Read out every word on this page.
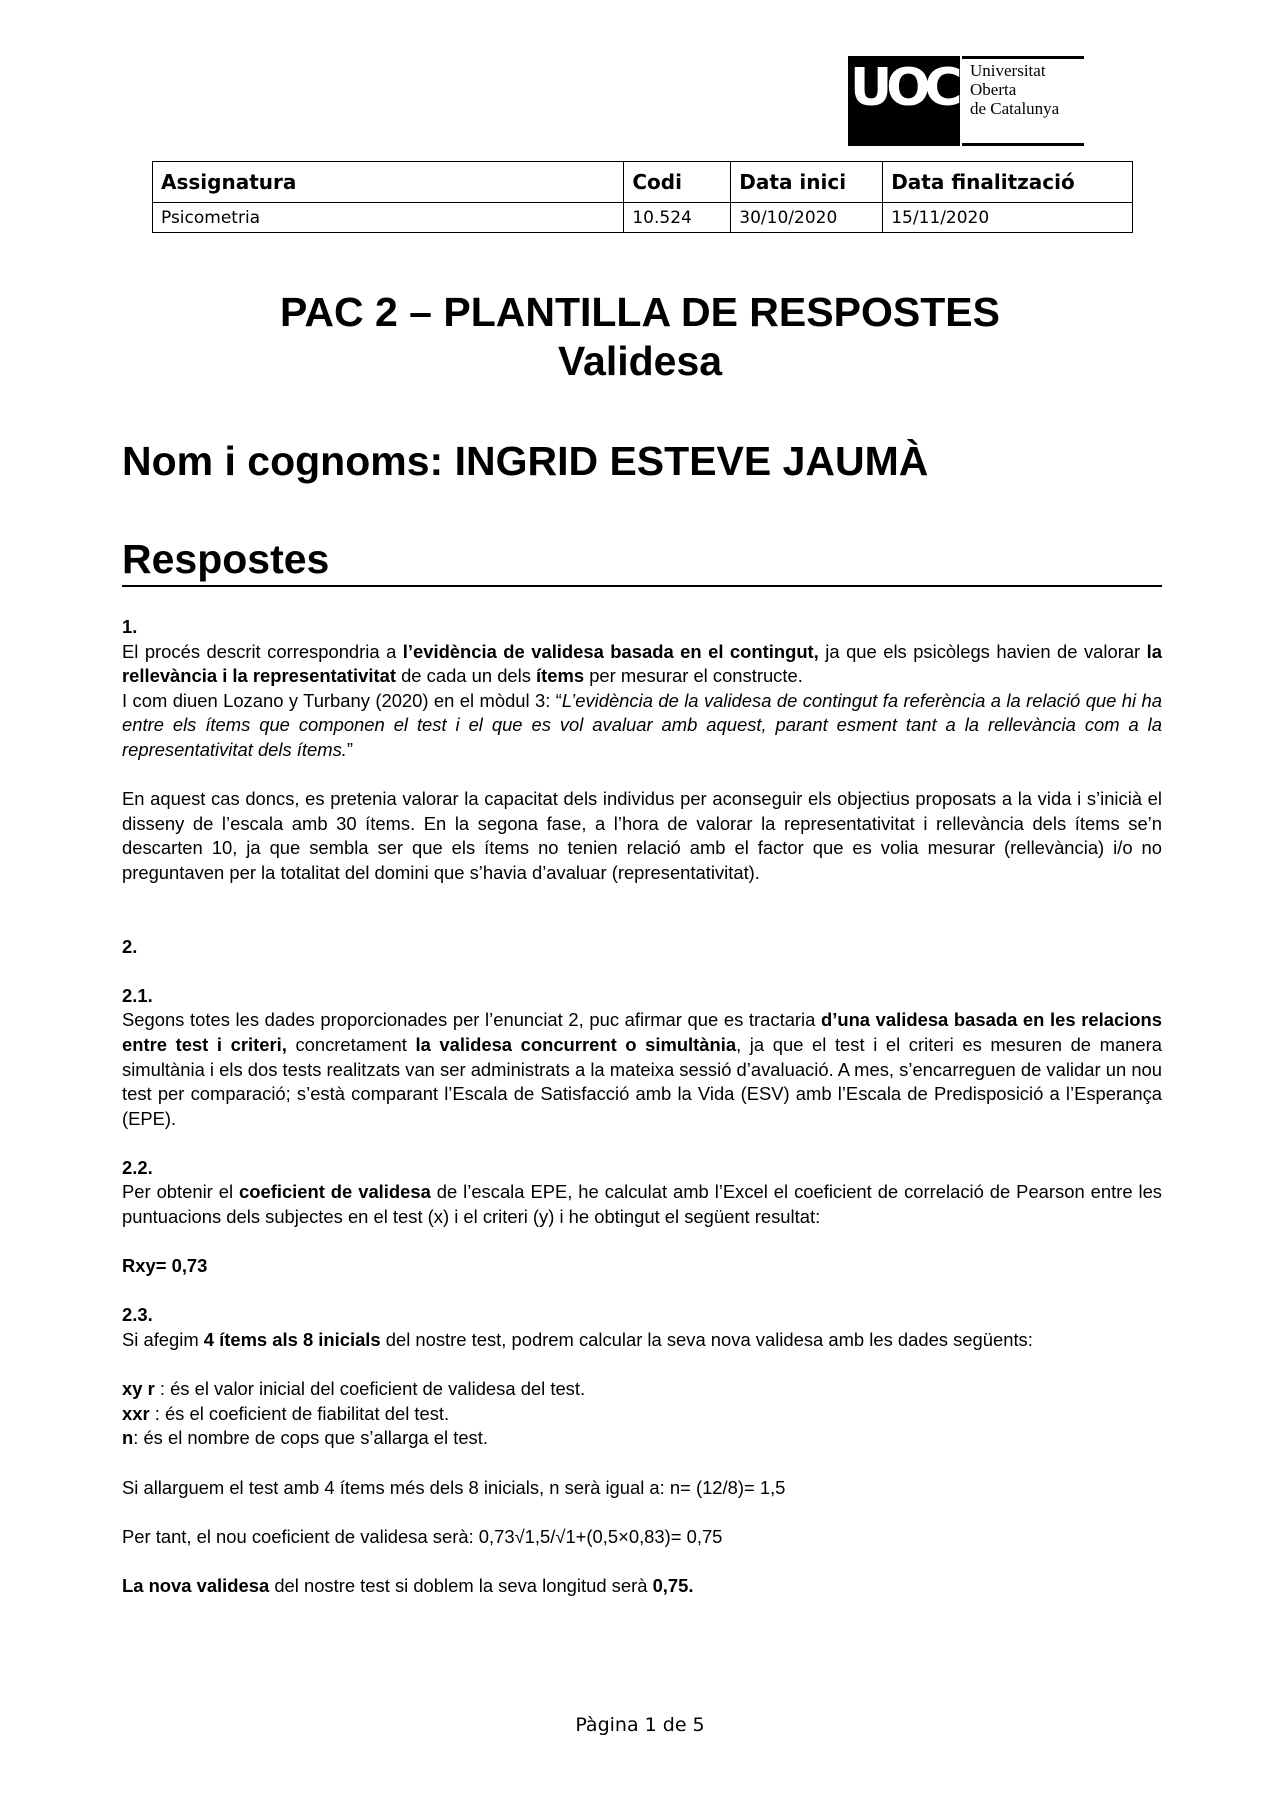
UOC Universitat
Oberta
de Catalunya
Assignatura	Codi	Data inici	Data finalització
Psicometria	10.524	30/10/2020	15/11/2020
PAC 2 – PLANTILLA DE RESPOSTES
Validesa
Nom i cognoms: INGRID ESTEVE JAUMÀ
Respostes

1.

El procés descrit correspondria a l’evidència de validesa basada en el contingut, ja que els psicòlegs havien de valorar la rellevància i la representativitat de cada un dels ítems per mesurar el constructe.

I com diuen Lozano y Turbany (2020) en el mòdul 3: “L’evidència de la validesa de contingut fa referència a la relació que hi ha entre els ítems que componen el test i el que es vol avaluar amb aquest, parant esment tant a la rellevància com a la representativitat dels ítems.”

En aquest cas doncs, es pretenia valorar la capacitat dels individus per aconseguir els objectius proposats a la vida i s’inicià el disseny de l’escala amb 30 ítems. En la segona fase, a l’hora de valorar la representativitat i rellevància dels ítems se’n descarten 10, ja que sembla ser que els ítems no tenien relació amb el factor que es volia mesurar (rellevància) i/o no preguntaven per la totalitat del domini que s’havia d’avaluar (representativitat).

2.

2.1.

Segons totes les dades proporcionades per l’enunciat 2, puc afirmar que es tractaria d’una validesa basada en les relacions entre test i criteri, concretament la validesa concurrent o simultània, ja que el test i el criteri es mesuren de manera simultània i els dos tests realitzats van ser administrats a la mateixa sessió d’avaluació. A mes, s’encarreguen de validar un nou test per comparació; s’està comparant l’Escala de Satisfacció amb la Vida (ESV) amb l’Escala de Predisposició a l’Esperança (EPE).

2.2.

Per obtenir el coeficient de validesa de l’escala EPE, he calculat amb l’Excel el coeficient de correlació de Pearson entre les puntuacions dels subjectes en el test (x) i el criteri (y) i he obtingut el següent resultat:

Rxy= 0,73

2.3.

Si afegim 4 ítems als 8 inicials del nostre test, podrem calcular la seva nova validesa amb les dades següents:

xy r : és el valor inicial del coeficient de validesa del test.

xxr : és el coeficient de fiabilitat del test.

n: és el nombre de cops que s’allarga el test.

Si allarguem el test amb 4 ítems més dels 8 inicials, n serà igual a: n= (12/8)= 1,5

Per tant, el nou coeficient de validesa serà: 0,73√1,5/√1+(0,5×0,83)= 0,75

La nova validesa del nostre test si doblem la seva longitud serà 0,75.

Pàgina 1 de 5
